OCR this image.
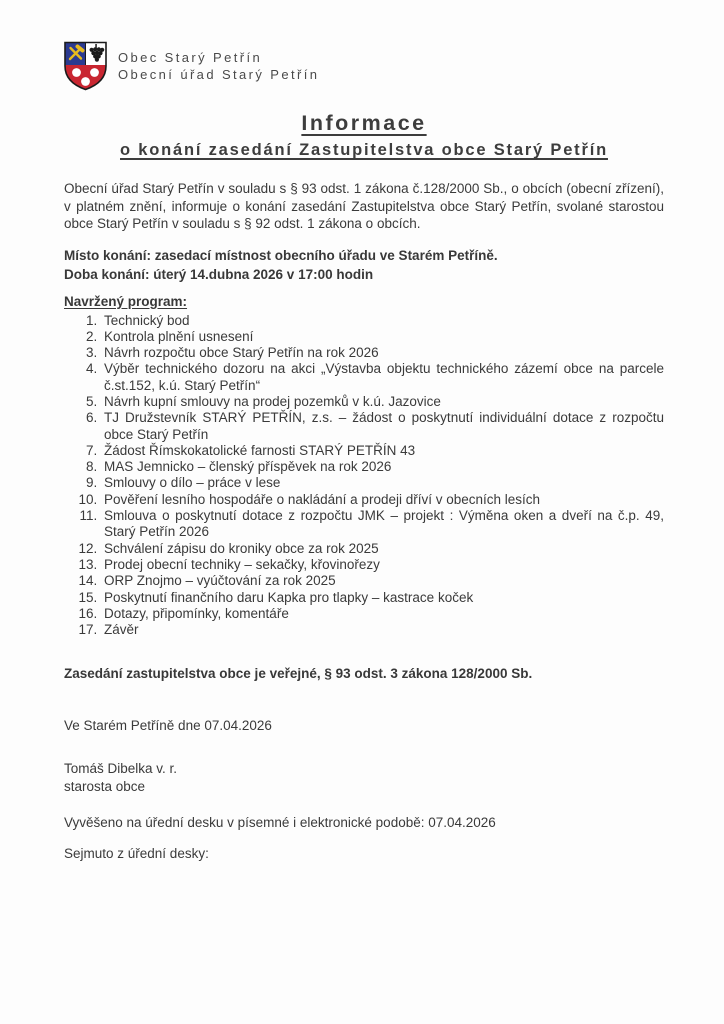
Obec Starý Petřín
Obecní úřad Starý Petřín
Informace
o konání zasedání Zastupitelstva obce Starý Petřín

Obecní úřad Starý Petřín v souladu s § 93 odst. 1 zákona č.128/2000 Sb., o obcích (obecní zřízení), v platném znění, informuje o konání zasedání Zastupitelstva obce Starý Petřín, svolané starostou obce Starý Petřín v souladu s § 92 odst. 1 zákona o obcích.

Místo konání: zasedací místnost obecního úřadu ve Starém Petříně.
Doba konání: úterý 14.dubna 2026 v 17:00 hodin
Navržený program:
1. Technický bod
2. Kontrola plnění usnesení
3. Návrh rozpočtu obce Starý Petřín na rok 2026
4. Výběr technického dozoru na akci „Výstavba objektu technického zázemí obce na parcele č.st.152, k.ú. Starý Petřín“
5. Návrh kupní smlouvy na prodej pozemků v k.ú. Jazovice
6. TJ Družstevník STARÝ PETŘÍN, z.s. – žádost o poskytnutí individuální dotace z rozpočtu obce Starý Petřín
7. Žádost Římskokatolické farnosti STARÝ PETŘÍN 43
8. MAS Jemnicko – členský příspěvek na rok 2026
9. Smlouvy o dílo – práce v lese
10. Pověření lesního hospodáře o nakládání a prodeji dříví v obecních lesích
11. Smlouva o poskytnutí dotace z rozpočtu JMK – projekt : Výměna oken a dveří na č.p. 49, Starý Petřín 2026
12. Schválení zápisu do kroniky obce za rok 2025
13. Prodej obecní techniky – sekačky, křovinořezy
14. ORP Znojmo – vyúčtování za rok 2025
15. Poskytnutí finančního daru Kapka pro tlapky – kastrace koček
16. Dotazy, připomínky, komentáře
17. Závěr

Zasedání zastupitelstva obce je veřejné, § 93 odst. 3 zákona 128/2000 Sb.

Ve Starém Petříně dne 07.04.2026

Tomáš Dibelka v. r.
starosta obce

Vyvěšeno na úřední desku v písemné i elektronické podobě: 07.04.2026

Sejmuto z úřední desky:
